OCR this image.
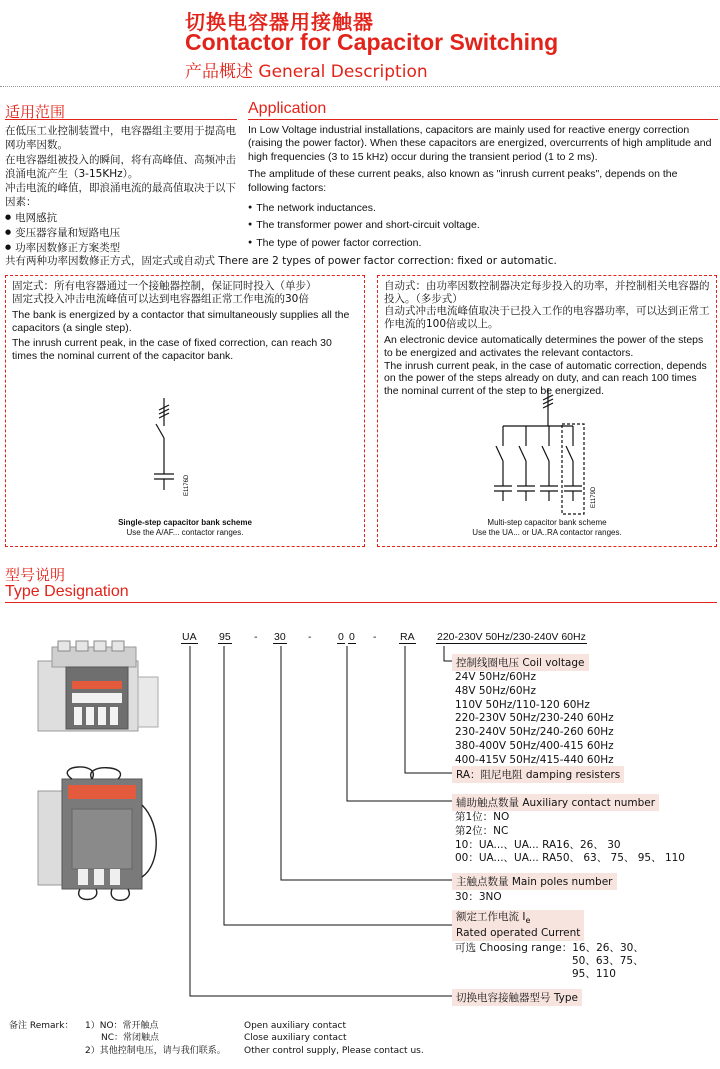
切换电容器用接触器
Contactor for Capacitor Switching
产品概述 General Description
适用范围	Application
在低压工业控制装置中，电容器组主要用于提高电网功率因数。
在电容器组被投入的瞬间，将有高峰值、高频冲击浪涌电流产生（3-15KHz）。
冲击电流的峰值，即浪涌电流的最高值取决于以下因素：
● 电网感抗
● 变压器容量和短路电压
● 功率因数修正方案类型
In Low Voltage industrial installations, capacitors are mainly used for reactive energy correction (raising the power factor). When these capacitors are energized, overcurrents of high amplitude and high frequencies (3 to 15 kHz) occur during the transient period (1 to 2 ms).
The amplitude of these current peaks, also known as "inrush current peaks", depends on the following factors:
● The network inductances.
● The transformer power and short-circuit voltage.
● The type of power factor correction.
共有两种功率因数修正方式，固定式或自动式 There are 2 types of power factor correction: fixed or automatic.

固定式：所有电容器通过一个接触器控制，保证同时投入（单步）

固定式投入冲击电流峰值可以达到电容器组正常工作电流的30倍

The bank is energized by a contactor that simultaneously supplies all the capacitors (a single step).

The inrush current peak, in the case of fixed correction, can reach 30 times the nominal current of the capacitor bank.

E1176D
Single-step capacitor bank scheme
Use the A/AF... contactor ranges.

自动式：由功率因数控制器决定每步投入的功率，并控制相关电容器的投入。（多步式）

自动式冲击电流峰值取决于已投入工作的电容器功率，可以达到正常工作电流的100倍或以上。

An electronic device automatically determines the power of the steps to be energized and activates the relevant contactors.

The inrush current peak, in the case of automatic correction, depends on the power of the steps already on duty, and can reach 100 times the nominal current of the step to be energized.

E1179D
Multi-step capacitor bank scheme
Use the UA... or UA..RA contactor ranges.
型号说明
Type Designation
UA 95 - 30 -	0 0 - RA 220-230V 50Hz/230-240V 60Hz
控制线圈电压 Coil voltage
24V 50Hz/60Hz
48V 50Hz/60Hz
110V 50Hz/110-120 60Hz
220-230V 50Hz/230-240 60Hz
230-240V 50Hz/240-260 60Hz
380-400V 50Hz/400-415 60Hz
400-415V 50Hz/415-440 60Hz
RA：阻尼电阻 damping resisters
辅助触点数量 Auxiliary contact number
第1位：NO
第2位：NC
10：UA...、UA... RA16、26、 30
00：UA...、UA... RA50、 63、 75、 95、 110
主触点数量 Main poles number
30：3NO
额定工作电流 $I_e$
Rated operated Current
可选 Choosing range：16、26、30、
50、63、75、
95、110
切换电容接触器型号 Type
备注 Remark： 1）NO：常开触点
NC：常闭触点
2）其他控制电压，请与我们联系。
Open auxiliary contact
Close auxiliary contact
Other control supply, Please contact us.
